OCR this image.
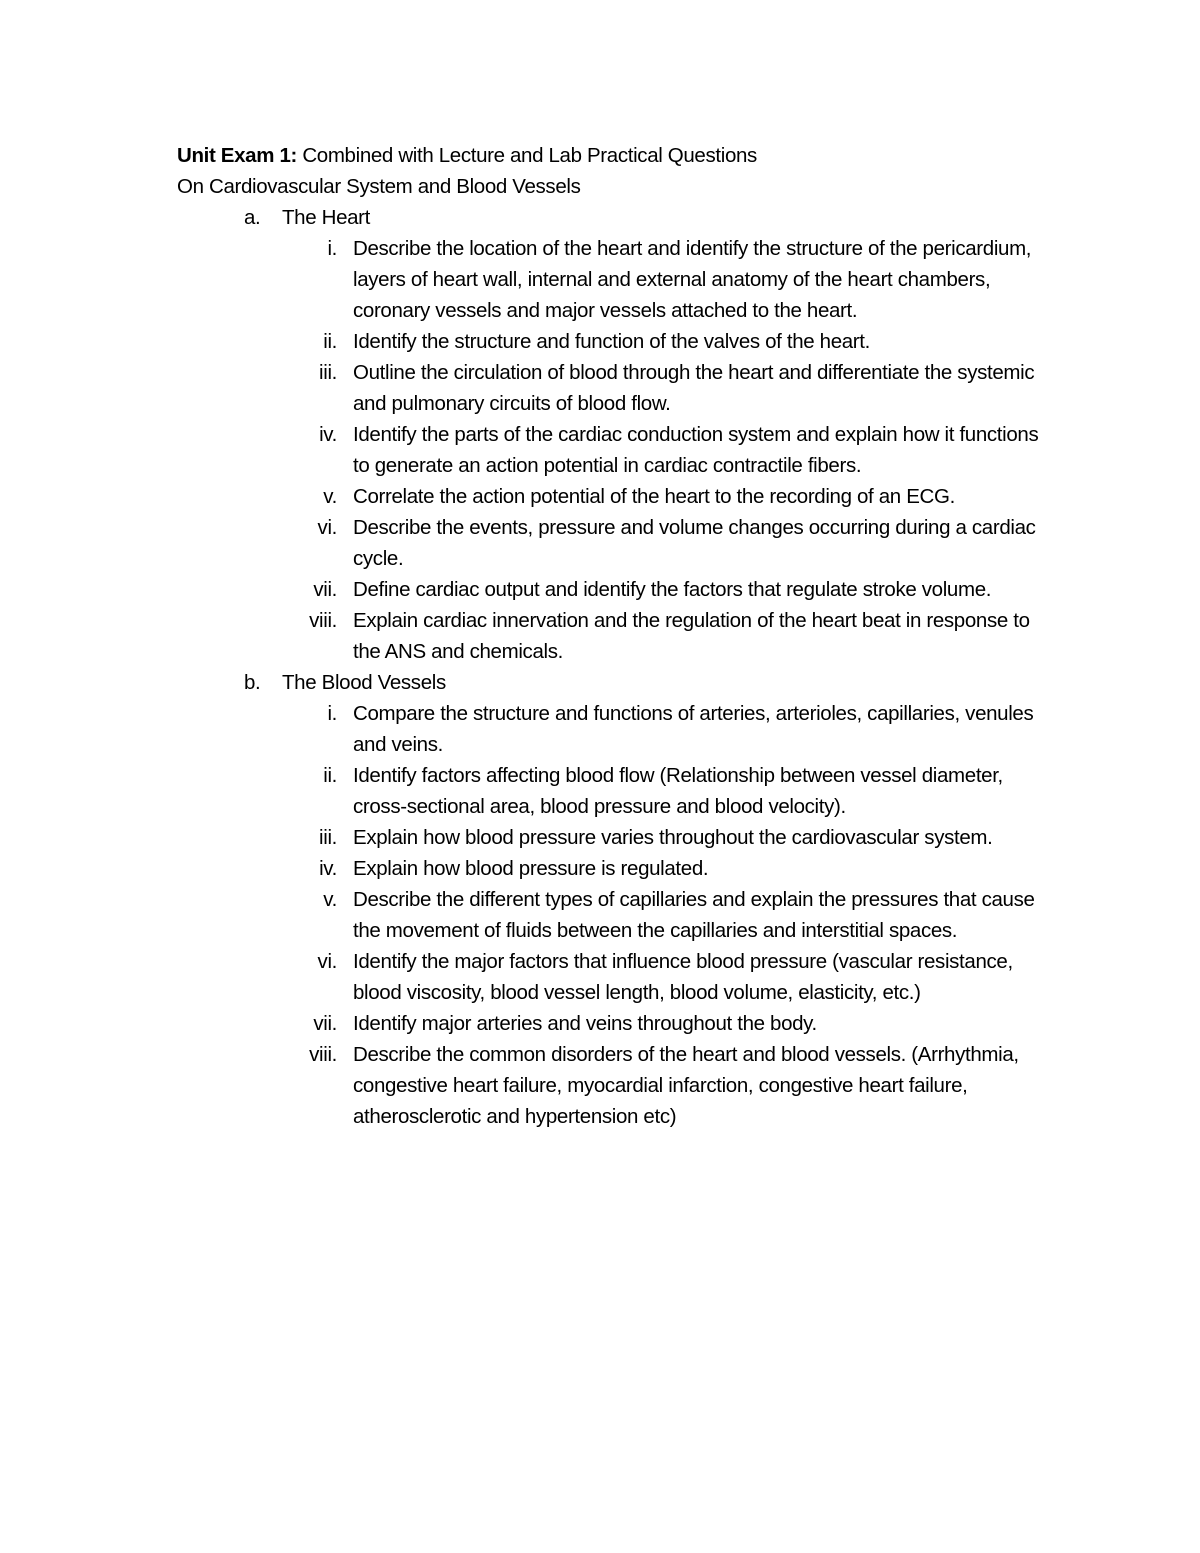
Unit Exam 1: Combined with Lecture and Lab Practical Questions
On Cardiovascular System and Blood Vessels
a. The Heart
i. Describe the location of the heart and identify the structure of the pericardium, layers of heart wall, internal and external anatomy of the heart chambers, coronary vessels and major vessels attached to the heart.
ii. Identify the structure and function of the valves of the heart.
iii. Outline the circulation of blood through the heart and differentiate the systemic and pulmonary circuits of blood flow.
iv. Identify the parts of the cardiac conduction system and explain how it functions to generate an action potential in cardiac contractile fibers.
v. Correlate the action potential of the heart to the recording of an ECG.
vi. Describe the events, pressure and volume changes occurring during a cardiac cycle.
vii. Define cardiac output and identify the factors that regulate stroke volume.
viii. Explain cardiac innervation and the regulation of the heart beat in response to the ANS and chemicals.
b. The Blood Vessels
i. Compare the structure and functions of arteries, arterioles, capillaries, venules and veins.
ii. Identify factors affecting blood flow (Relationship between vessel diameter, cross-sectional area, blood pressure and blood velocity).
iii. Explain how blood pressure varies throughout the cardiovascular system.
iv. Explain how blood pressure is regulated.
v. Describe the different types of capillaries and explain the pressures that cause the movement of fluids between the capillaries and interstitial spaces.
vi. Identify the major factors that influence blood pressure (vascular resistance, blood viscosity, blood vessel length, blood volume, elasticity, etc.)
vii. Identify major arteries and veins throughout the body.
viii. Describe the common disorders of the heart and blood vessels. (Arrhythmia, congestive heart failure, myocardial infarction, congestive heart failure, atherosclerotic and hypertension etc)
